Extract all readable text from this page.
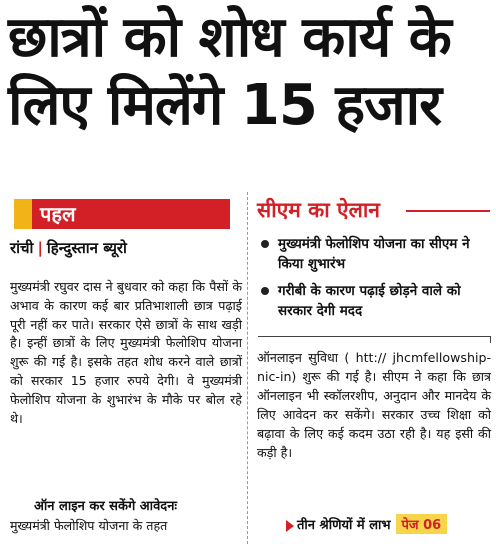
छात्रों को शोध कार्य के
लिए मिलेंगे 15 हजार
पहल
रांची | हिन्दुस्तान ब्यूरो

मुख्यमंत्री रघुवर दास ने बुधवार को कहा कि पैसों के अभाव के कारण कई बार प्रतिभाशाली छात्र पढ़ाई पूरी नहीं कर पाते। सरकार ऐसे छात्रों के साथ खड़ी है। इन्हीं छात्रों के लिए मुख्यमंत्री फेलोशिप योजना शुरू की गई है। इसके तहत शोध करने वाले छात्रों को सरकार 15 हजार रुपये देगी। वे मुख्यमंत्री फेलोशिप योजना के शुभारंभ के मौके पर बोल रहे थे।

ऑन लाइन कर सकेंगे आवेदनः
मुख्यमंत्री फेलोशिप योजना के तहत
सीएम का ऐलान
मुख्यमंत्री फेलोशिप योजना का सीएम ने किया शुभारंभ
गरीबी के कारण पढ़ाई छोड़ने वाले को सरकार देगी मदद

ऑनलाइन सुविधा ( htt:// jhcmfellowship-nic-in) शुरू की गई है। सीएम ने कहा कि छात्र ऑनलाइन भी स्कॉलरशीप, अनुदान और मानदेय के लिए आवेदन कर सकेंगे। सरकार उच्च शिक्षा को बढ़ावा के लिए कई कदम उठा रही है। यह इसी की कड़ी है।

तीन श्रेणियों में लाभ पेज 06
